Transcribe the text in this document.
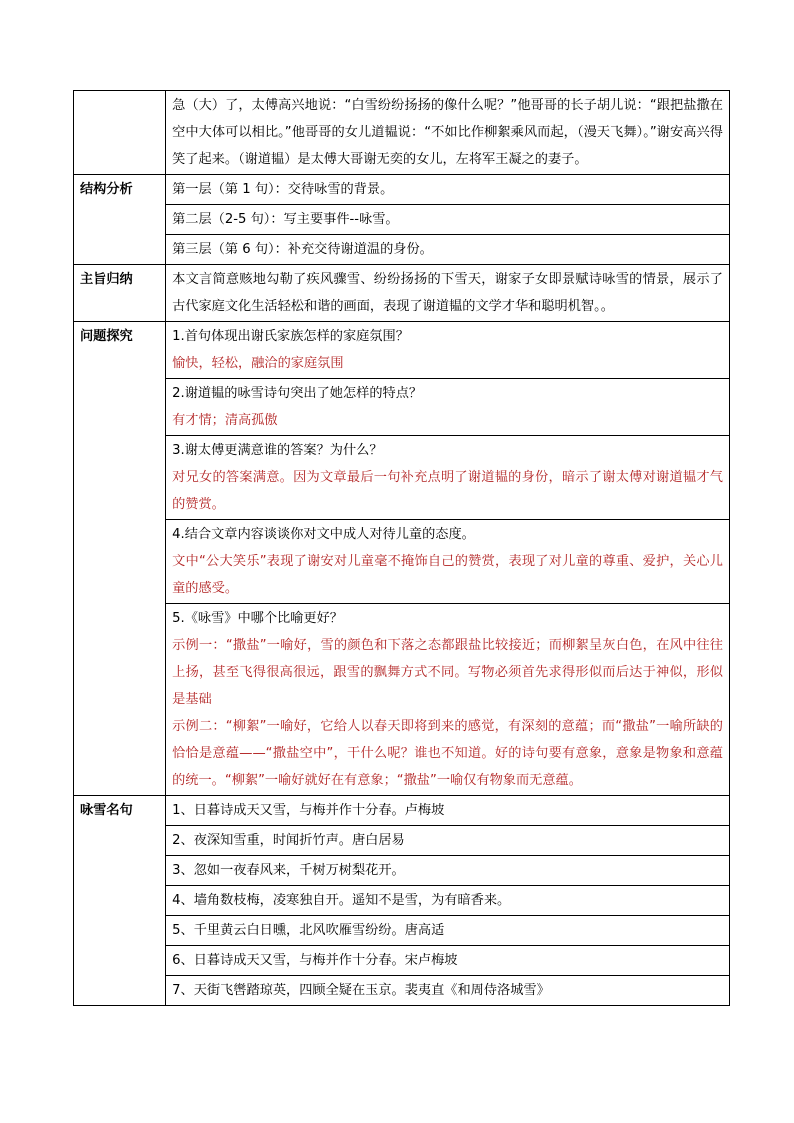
	急（大）了，太傅高兴地说：“白雪纷纷扬扬的像什么呢？”他哥哥的长子胡儿说：“跟把盐撒在空中大体可以相比。”他哥哥的女儿道韫说：“不如比作柳絮乘风而起，（漫天飞舞）。”谢安高兴得笑了起来。（谢道韫）是太傅大哥谢无奕的女儿，左将军王凝之的妻子。
结构分析	第一层（第 1 句）：交待咏雪的背景。
	第二层（2-5 句）：写主要事件--咏雪。
	第三层（第 6 句）：补充交待谢道温的身份。
主旨归纳	本文言简意赅地勾勒了疾风骤雪、纷纷扬扬的下雪天，谢家子女即景赋诗咏雪的情景，展示了古代家庭文化生活轻松和谐的画面，表现了谢道韫的文学才华和聪明机智。。
问题探究	1.首句体现出谢氏家族怎样的家庭氛围？
愉快，轻松，融洽的家庭氛围

	2.谢道韫的咏雪诗句突出了她怎样的特点？
有才情；清高孤傲

	3.谢太傅更满意谁的答案？为什么？
对兄女的答案满意。因为文章最后一句补充点明了谢道韫的身份，暗示了谢太傅对谢道韫才气的赞赏。

	4.结合文章内容谈谈你对文中成人对待儿童的态度。
文中“公大笑乐”表现了谢安对儿童毫不掩饰自己的赞赏，表现了对儿童的尊重、爱护，关心儿童的感受。

	5.《咏雪》中哪个比喻更好？
示例一：“撒盐”一喻好，雪的颜色和下落之态都跟盐比较接近；而柳絮呈灰白色，在风中往往上扬，甚至飞得很高很远，跟雪的飘舞方式不同。写物必须首先求得形似而后达于神似，形似是基础
示例二：“柳絮”一喻好，它给人以春天即将到来的感觉，有深刻的意蕴；而“撒盐”一喻所缺的恰恰是意蕴——“撒盐空中”，干什么呢？谁也不知道。好的诗句要有意象，意象是物象和意蕴的统一。“柳絮”一喻好就好在有意象；“撒盐”一喻仅有物象而无意蕴。

咏雪名句	1、日暮诗成天又雪，与梅并作十分春。卢梅坡
	2、夜深知雪重，时闻折竹声。唐白居易
	3、忽如一夜春风来，千树万树梨花开。
	4、墙角数枝梅，凌寒独自开。遥知不是雪，为有暗香来。
	5、千里黄云白日曛，北风吹雁雪纷纷。唐高适
	6、日暮诗成天又雪，与梅并作十分春。宋卢梅坡
	7、天街飞辔踏琼英，四顾全疑在玉京。裴夷直《和周侍洛城雪》
